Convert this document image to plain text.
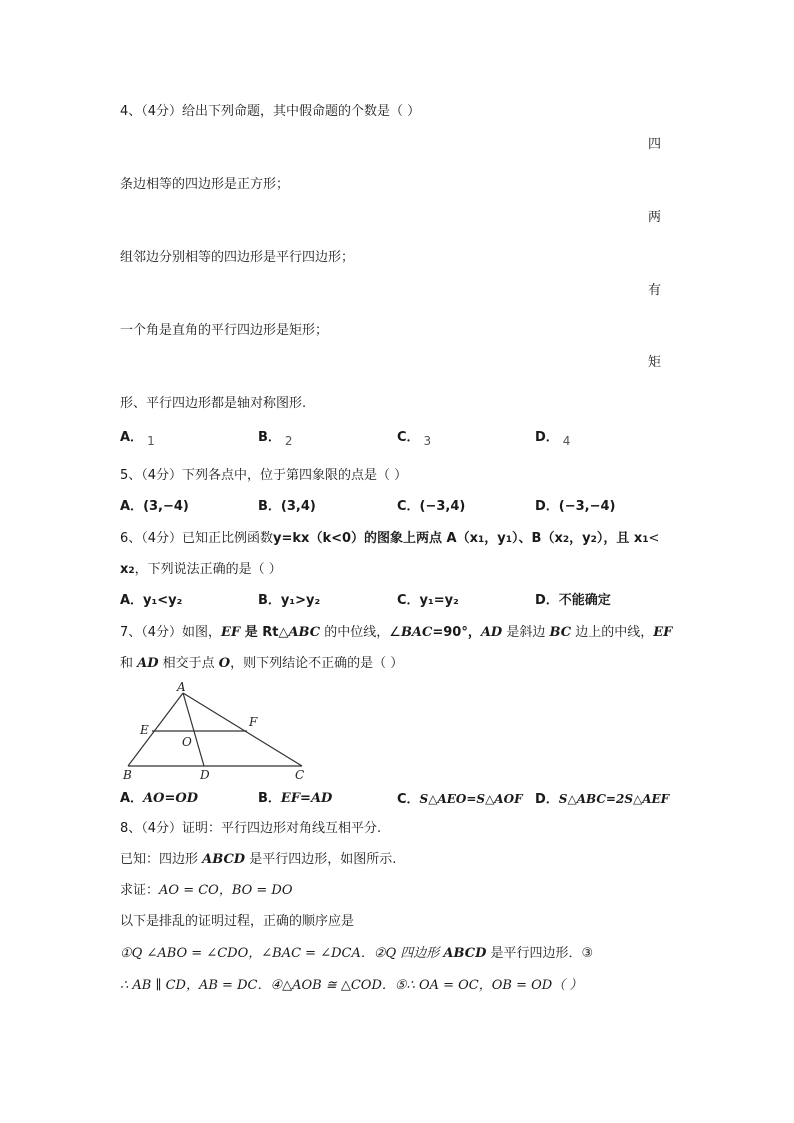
4、（4分）给出下列命题，其中假命题的个数是（ ）
四
条边相等的四边形是正方形；
两
组邻边分别相等的四边形是平行四边形；
有
一个角是直角的平行四边形是矩形；
矩
形、平行四边形都是轴对称图形.
A． 1	B． 2	C． 3	D． 4
5、（4分）下列各点中，位于第四象限的点是（ ）
A．(3,−4)	B．(3,4)	C．(−3,4)	D．(−3,−4)
6、（4分）已知正比例函数y=kx（k<0）的图象上两点 A（x1，y1）、B（x2，y2），且 x1<
x2，下列说法正确的是（ ）
A．y₁<y₂	B．y₁>y₂	C．y₁=y₂	D．不能确定
7、（4分）如图，EF 是 Rt△ABC 的中位线，∠BAC=90°，AD 是斜边 BC 边上的中线，EF
和 AD 相交于点 O，则下列结论不正确的是（ ）
A
E
F
O
B	D	C
A．AO=OD	B．EF=AD	C．S△AEO=S△AOF D．S△ABC=2S△AEF
8、（4分）证明：平行四边形对角线互相平分.
已知：四边形 ABCD 是平行四边形，如图所示.
求证：AO = CO，BO = DO
以下是排乱的证明过程，正确的顺序应是
①Q ∠ABO = ∠CDO，∠BAC = ∠DCA．②Q 四边形 ABCD 是平行四边形．③
∴ AB ∥ CD，AB = DC．④△AOB ≅ △COD．⑤∴ OA = OC，OB = OD（ ）
